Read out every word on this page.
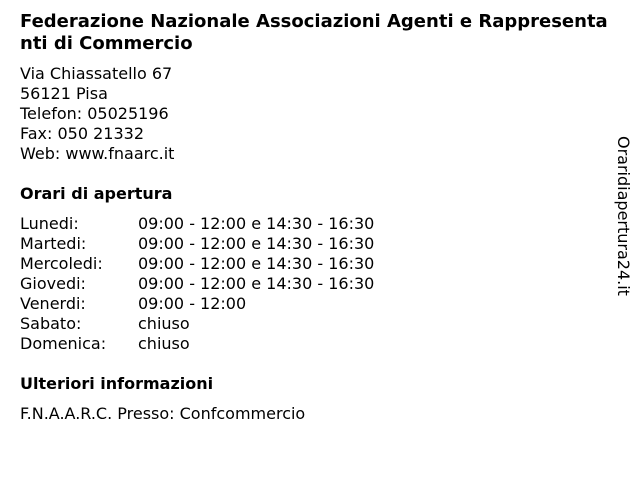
Federazione Nazionale Associazioni Agenti e Rappresentanti di Commercio
Via Chiassatello 67
56121 Pisa
Telefon: 05025196
Fax: 050 21332
Web: www.fnaarc.it
Orari di apertura
Lunedi:	09:00 - 12:00 e 14:30 - 16:30
Martedi:	09:00 - 12:00 e 14:30 - 16:30
Mercoledi: 09:00 - 12:00 e 14:30 - 16:30
Giovedi:	09:00 - 12:00 e 14:30 - 16:30
Venerdi:	09:00 - 12:00
Sabato:	chiuso
Domenica: chiuso
Ulteriori informazioni
F.N.A.A.R.C. Presso: Confcommercio
Oraridiapertura24.it
